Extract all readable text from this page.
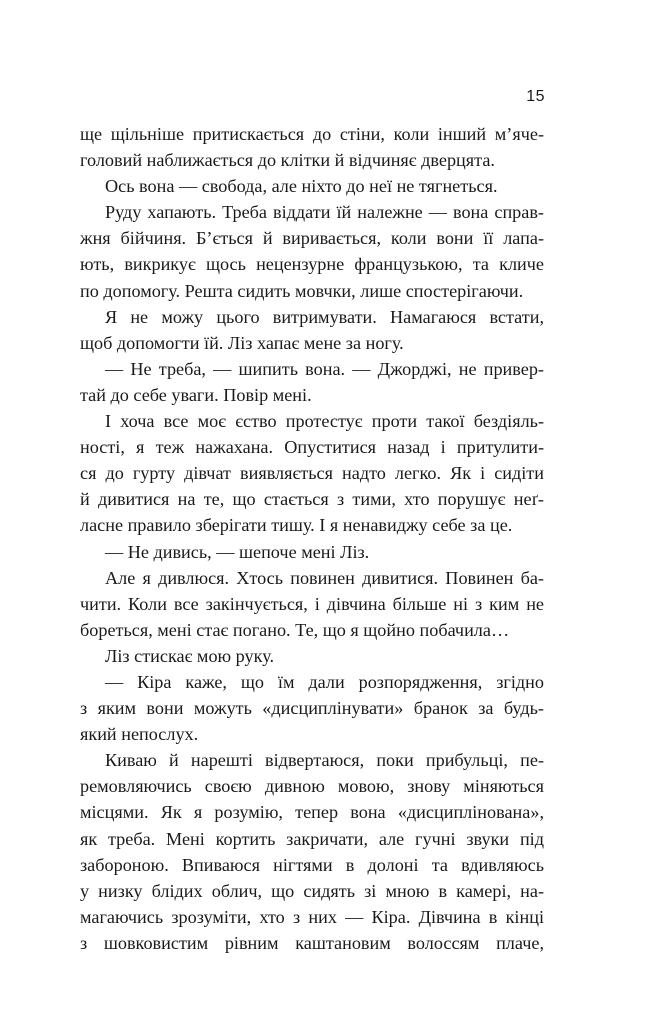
15
ще щільніше притискається до стіни, коли інший м’яче-
головий наближається до клітки й відчиняє дверцята.
Ось вона — свобода, але ніхто до неї не тягнеться.
Руду хапають. Треба віддати їй належне — вона справ-
жня бійчиня. Б’ється й виривається, коли вони її лапа-
ють, викрикує щось нецензурне французькою, та кличе
по допомогу. Решта сидить мовчки, лише спостерігаючи.
Я не можу цього витримувати. Намагаюся встати,
щоб допомогти їй. Ліз хапає мене за ногу.
— Не треба, — шипить вона. — Джорджі, не привер-
тай до себе уваги. Повір мені.
І хоча все моє єство протестує проти такої бездіяль-
ності, я теж нажахана. Опуститися назад і притулити-
ся до гурту дівчат виявляється надто легко. Як і сидіти
й дивитися на те, що стається з тими, хто порушує неґ-
ласне правило зберігати тишу. І я ненавиджу себе за це.
— Не дивись, — шепоче мені Ліз.
Але я дивлюся. Хтось повинен дивитися. Повинен ба-
чити. Коли все закінчується, і дівчина більше ні з ким не
бореться, мені стає погано. Те, що я щойно побачила…
Ліз стискає мою руку.
— Кіра каже, що їм дали розпорядження, згідно
з яким вони можуть «дисциплінувати» бранок за будь-
який непослух.
Киваю й нарешті відвертаюся, поки прибульці, пе-
ремовляючись своєю дивною мовою, знову міняються
місцями. Як я розумію, тепер вона «дисциплінована»,
як треба. Мені кортить закричати, але гучні звуки під
забороною. Впиваюся нігтями в долоні та вдивляюсь
у низку блідих облич, що сидять зі мною в камері, на-
магаючись зрозуміти, хто з них — Кіра. Дівчина в кінці
з шовковистим рівним каштановим волоссям плаче,
